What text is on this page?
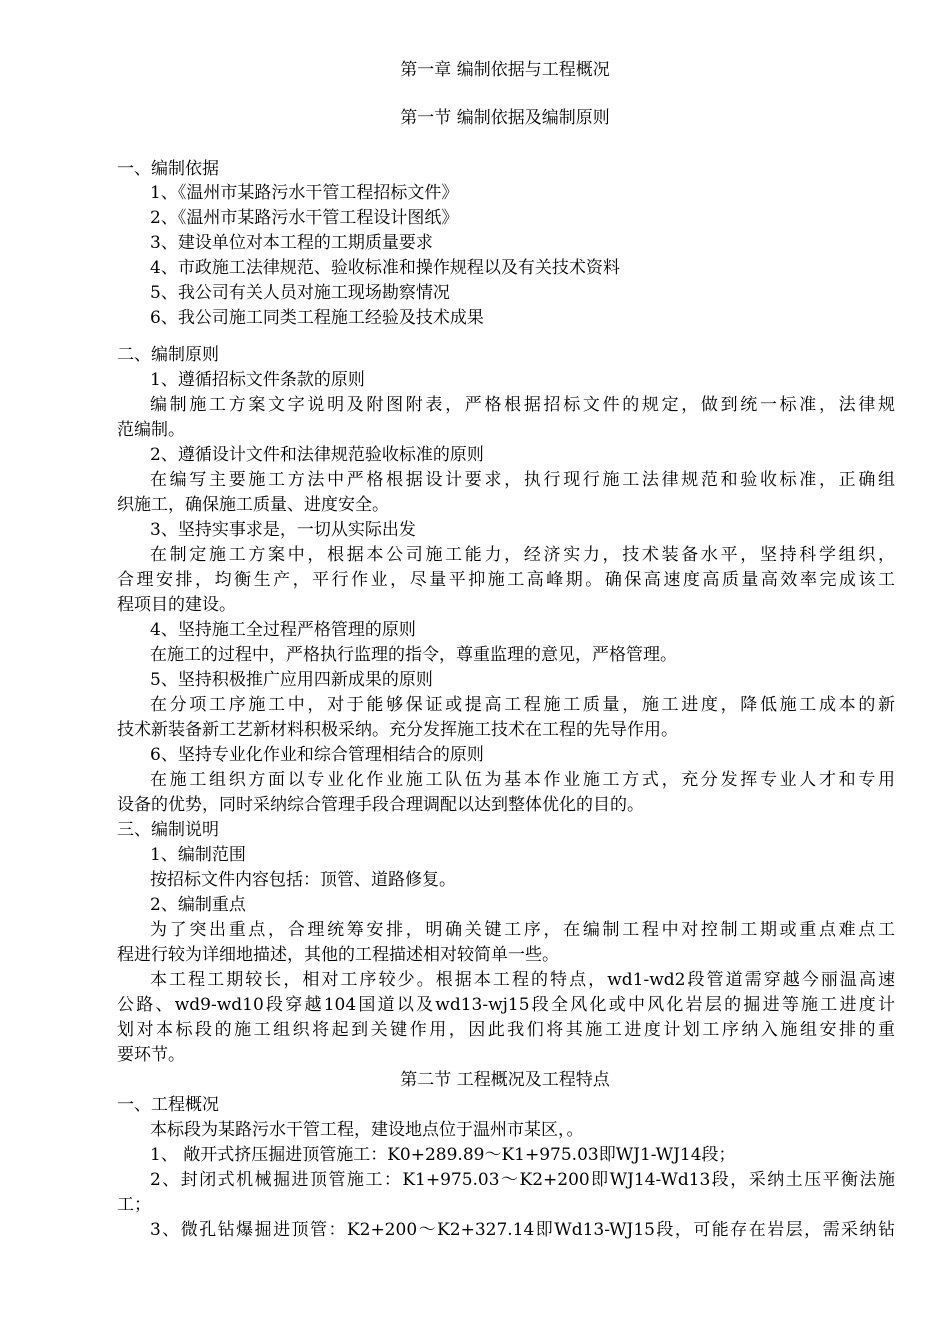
第一章 编制依据与工程概况
第一节 编制依据及编制原则
一、编制依据
1、《温州市某路污水干管工程招标文件》
2、《温州市某路污水干管工程设计图纸》
3、建设单位对本工程的工期质量要求
4、市政施工法律规范、验收标准和操作规程以及有关技术资料
5、我公司有关人员对施工现场勘察情况
6、我公司施工同类工程施工经验及技术成果
二、编制原则
1、遵循招标文件条款的原则
编制施工方案文字说明及附图附表，严格根据招标文件的规定，做到统一标准，法律规
范编制。
2、遵循设计文件和法律规范验收标准的原则
在编写主要施工方法中严格根据设计要求，执行现行施工法律规范和验收标准，正确组
织施工，确保施工质量、进度安全。
3、坚持实事求是，一切从实际出发
在制定施工方案中，根据本公司施工能力，经济实力，技术装备水平，坚持科学组织，
合理安排，均衡生产，平行作业，尽量平抑施工高峰期。确保高速度高质量高效率完成该工
程项目的建设。
4、坚持施工全过程严格管理的原则
在施工的过程中，严格执行监理的指令，尊重监理的意见，严格管理。
5、坚持积极推广应用四新成果的原则
在分项工序施工中，对于能够保证或提高工程施工质量，施工进度，降低施工成本的新
技术新装备新工艺新材料积极采纳。充分发挥施工技术在工程的先导作用。
6、坚持专业化作业和综合管理相结合的原则
在施工组织方面以专业化作业施工队伍为基本作业施工方式，充分发挥专业人才和专用
设备的优势，同时采纳综合管理手段合理调配以达到整体优化的目的。
三、编制说明
1、编制范围
按招标文件内容包括：顶管、道路修复。
2、编制重点
为了突出重点，合理统筹安排，明确关键工序，在编制工程中对控制工期或重点难点工
程进行较为详细地描述，其他的工程描述相对较简单一些。
本工程工期较长，相对工序较少。根据本工程的特点，wd1-wd2段管道需穿越今丽温高速
公路、wd9-wd10段穿越104国道以及wd13-wj15段全风化或中风化岩层的掘进等施工进度计
划对本标段的施工组织将起到关键作用，因此我们将其施工进度计划工序纳入施组安排的重
要环节。
第二节 工程概况及工程特点
一、工程概况
本标段为某路污水干管工程，建设地点位于温州市某区，。
1、 敞开式挤压掘进顶管施工：K0+289.89～K1+975.03即WJ1-WJ14段；
2、封闭式机械掘进顶管施工：K1+975.03～K2+200即WJ14-Wd13段，采纳土压平衡法施
工；
3、微孔钻爆掘进顶管：K2+200～K2+327.14即Wd13-WJ15段，可能存在岩层，需采纳钻
